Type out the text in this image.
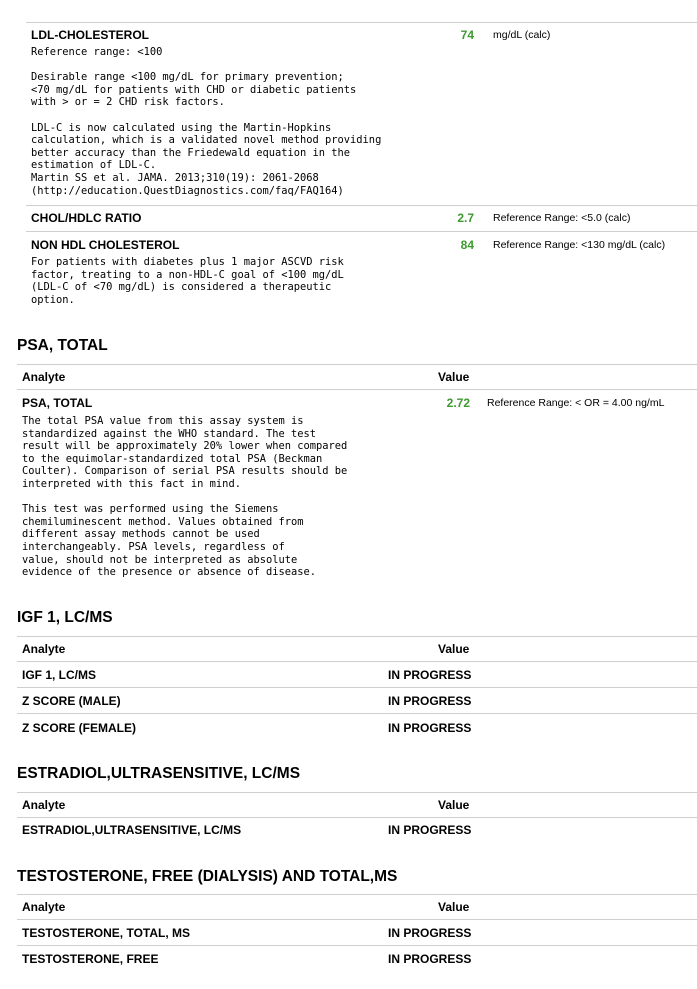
LDL-CHOLESTEROL	74 mg/dL (calc)
Reference range: <100

Desirable range <100 mg/dL for primary prevention;
<70 mg/dL for patients with CHD or diabetic patients
with > or = 2 CHD risk factors.

LDL-C is now calculated using the Martin-Hopkins
calculation, which is a validated novel method providing
better accuracy than the Friedewald equation in the
estimation of LDL-C.
Martin SS et al. JAMA. 2013;310(19): 2061-2068
(http://education.QuestDiagnostics.com/faq/FAQ164)
CHOL/HDLC RATIO	2.7 Reference Range: <5.0 (calc)
NON HDL CHOLESTEROL	84 Reference Range: <130 mg/dL (calc)
For patients with diabetes plus 1 major ASCVD risk
factor, treating to a non-HDL-C goal of <100 mg/dL
(LDL-C of <70 mg/dL) is considered a therapeutic
option.
PSA, TOTAL
Analyte	Value
PSA, TOTAL	2.72 Reference Range: < OR = 4.00 ng/mL
The total PSA value from this assay system is
standardized against the WHO standard. The test
result will be approximately 20% lower when compared
to the equimolar-standardized total PSA (Beckman
Coulter). Comparison of serial PSA results should be
interpreted with this fact in mind.

This test was performed using the Siemens
chemiluminescent method. Values obtained from
different assay methods cannot be used
interchangeably. PSA levels, regardless of
value, should not be interpreted as absolute
evidence of the presence or absence of disease.
IGF 1, LC/MS
Analyte	Value
IGF 1, LC/MS	IN PROGRESS
Z SCORE (MALE)	IN PROGRESS
Z SCORE (FEMALE)	IN PROGRESS
ESTRADIOL,ULTRASENSITIVE, LC/MS
Analyte	Value
ESTRADIOL,ULTRASENSITIVE, LC/MS	IN PROGRESS
TESTOSTERONE, FREE (DIALYSIS) AND TOTAL,MS
Analyte	Value
TESTOSTERONE, TOTAL, MS	IN PROGRESS
TESTOSTERONE, FREE	IN PROGRESS
